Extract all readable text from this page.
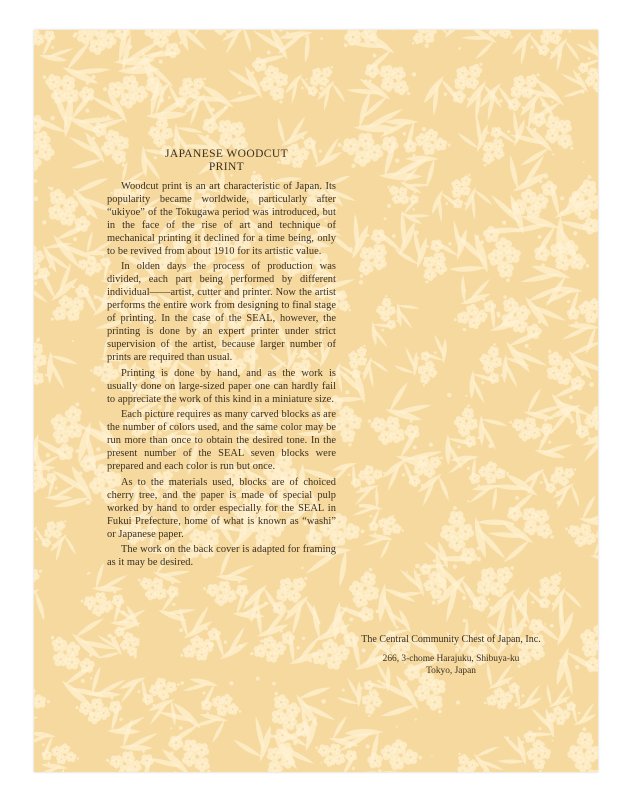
JAPANESE WOODCUT
PRINT

Woodcut print is an art characteristic of Japan. Its popularity became worldwide, particularly after “ukiyoe” of the Tokugawa period was introduced, but in the face of the rise of art and technique of mechanical printing it declined for a time being, only to be revived from about 1910 for its artistic value.

In olden days the process of production was divided, each part being performed by different individual——artist, cutter and printer. Now the artist performs the entire work from designing to final stage of printing. In the case of the SEAL, however, the printing is done by an expert printer under strict supervision of the artist, because larger number of prints are required than usual.

Printing is done by hand, and as the work is usually done on large-sized paper one can hardly fail to appreciate the work of this kind in a miniature size.

Each picture requires as many carved blocks as are the number of colors used, and the same color may be run more than once to obtain the desired tone. In the present number of the SEAL seven blocks were prepared and each color is run but once.

As to the materials used, blocks are of choiced cherry tree, and the paper is made of special pulp worked by hand to order especially for the SEAL in Fukui Prefecture, home of what is known as “washi” or Japanese paper.

The work on the back cover is adapted for framing as it may be desired.

The Central Community Chest of Japan, Inc.
266, 3-chome Harajuku, Shibuya-ku
Tokyo, Japan
